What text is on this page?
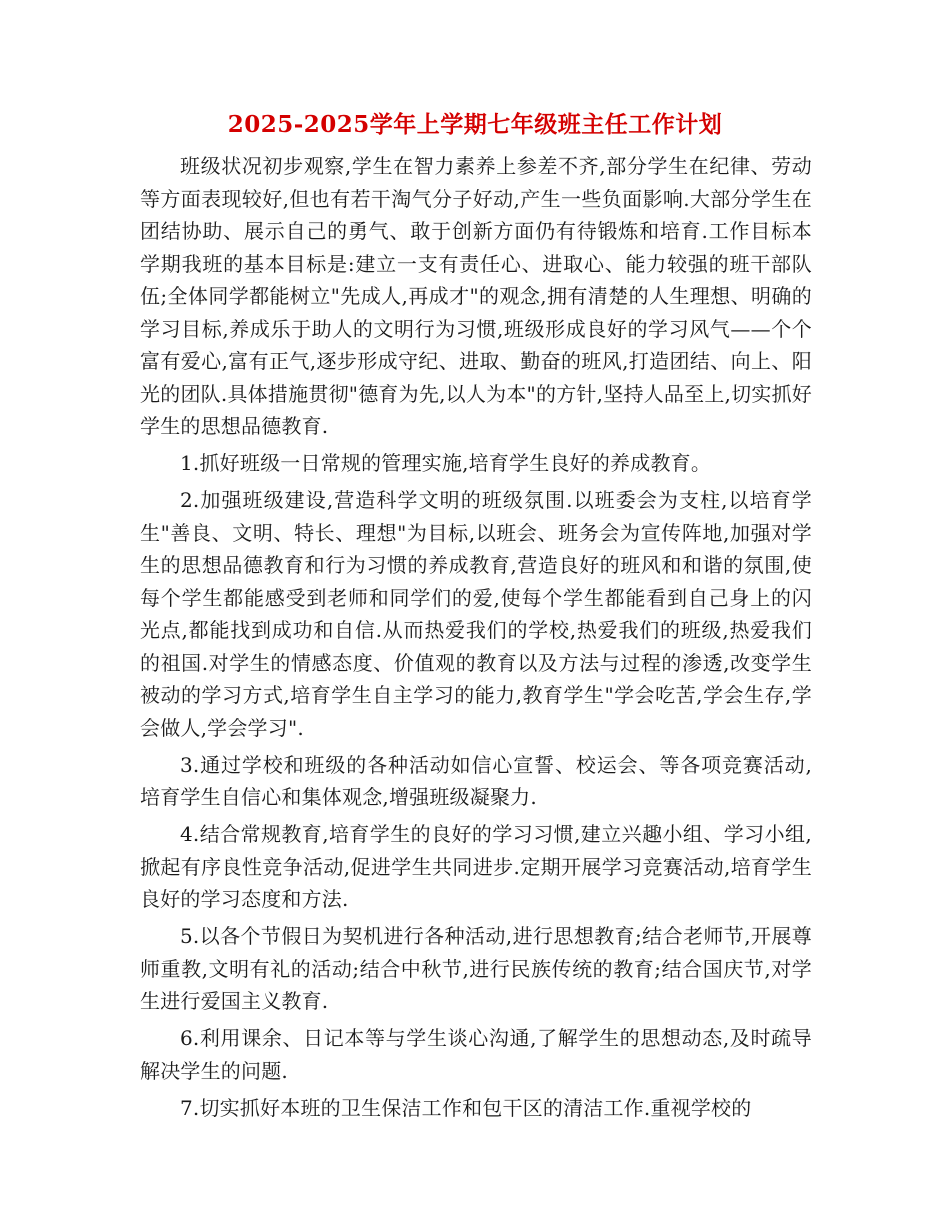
2025-2025学年上学期七年级班主任工作计划

班级状况初步观察,学生在智力素养上参差不齐,部分学生在纪律、劳动等方面表现较好,但也有若干淘气分子好动,产生一些负面影响.大部分学生在团结协助、展示自己的勇气、敢于创新方面仍有待锻炼和培育.工作目标本学期我班的基本目标是:建立一支有责任心、进取心、能力较强的班干部队伍;全体同学都能树立"先成人,再成才"的观念,拥有清楚的人生理想、明确的学习目标,养成乐于助人的文明行为习惯,班级形成良好的学习风气——个个富有爱心,富有正气,逐步形成守纪、进取、勤奋的班风,打造团结、向上、阳光的团队.具体措施贯彻"德育为先,以人为本"的方针,坚持人品至上,切实抓好学生的思想品德教育.

1.抓好班级一日常规的管理实施,培育学生良好的养成教育。

2.加强班级建设,营造科学文明的班级氛围.以班委会为支柱,以培育学生"善良、文明、特长、理想"为目标,以班会、班务会为宣传阵地,加强对学生的思想品德教育和行为习惯的养成教育,营造良好的班风和和谐的氛围,使每个学生都能感受到老师和同学们的爱,使每个学生都能看到自己身上的闪光点,都能找到成功和自信.从而热爱我们的学校,热爱我们的班级,热爱我们的祖国.对学生的情感态度、价值观的教育以及方法与过程的渗透,改变学生被动的学习方式,培育学生自主学习的能力,教育学生"学会吃苦,学会生存,学会做人,学会学习".

3.通过学校和班级的各种活动如信心宣誓、校运会、等各项竞赛活动,培育学生自信心和集体观念,增强班级凝聚力.

4.结合常规教育,培育学生的良好的学习习惯,建立兴趣小组、学习小组,掀起有序良性竞争活动,促进学生共同进步.定期开展学习竞赛活动,培育学生良好的学习态度和方法.

5.以各个节假日为契机进行各种活动,进行思想教育;结合老师节,开展尊师重教,文明有礼的活动;结合中秋节,进行民族传统的教育;结合国庆节,对学生进行爱国主义教育.

6.利用课余、日记本等与学生谈心沟通,了解学生的思想动态,及时疏导解决学生的问题.

7.切实抓好本班的卫生保洁工作和包干区的清洁工作.重视学校的
